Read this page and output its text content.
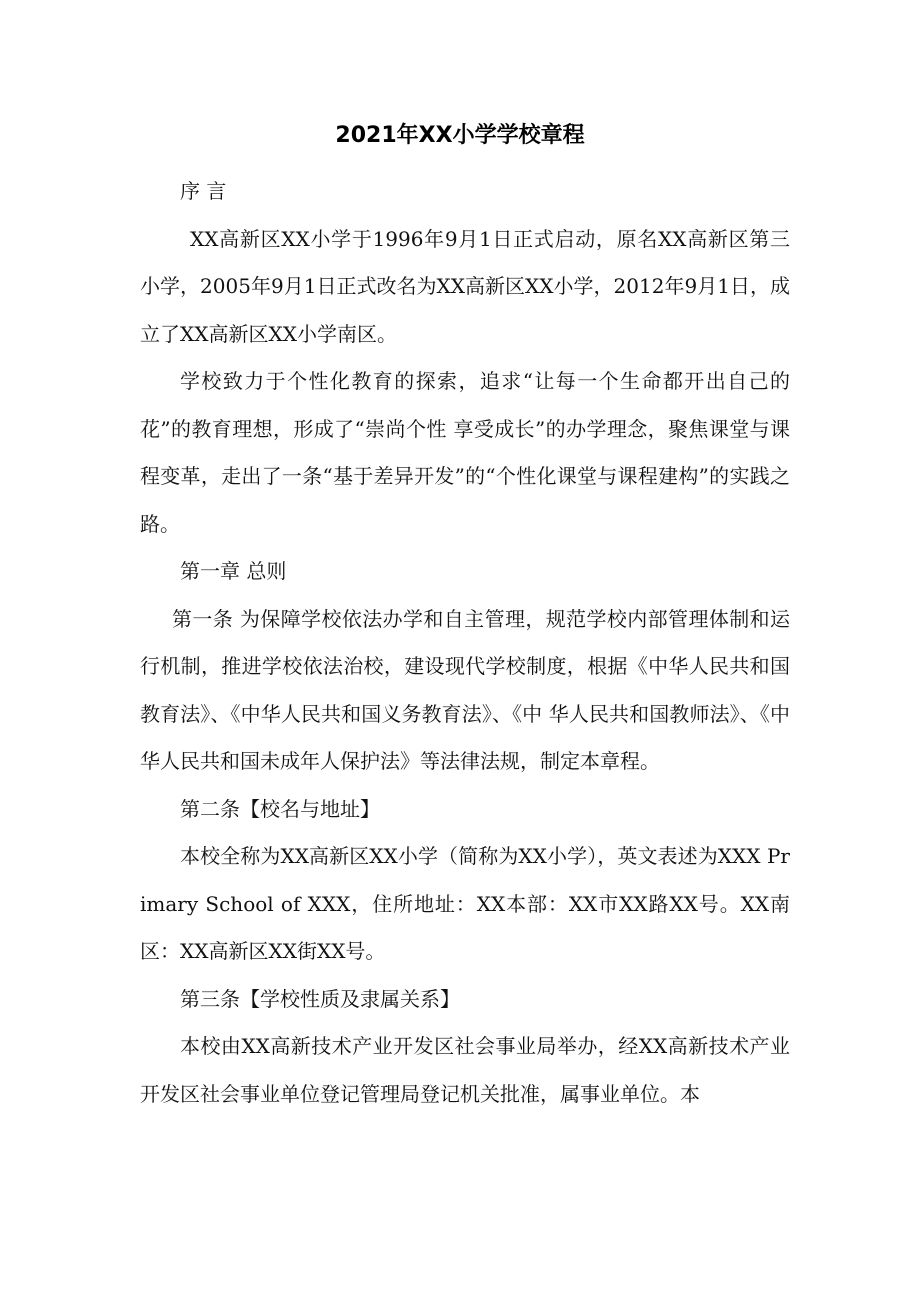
2021年XX小学学校章程

序 言

XX高新区XX小学于1996年9月1日正式启动，原名XX高新区第三小学，2005年9月1日正式改名为XX高新区XX小学，2012年9月1日，成立了XX高新区XX小学南区。

学校致力于个性化教育的探索，追求“让每一个生命都开出自己的花”的教育理想，形成了“崇尚个性 享受成长”的办学理念，聚焦课堂与课程变革，走出了一条“基于差异开发”的“个性化课堂与课程建构”的实践之路。

第一章 总则

第一条 为保障学校依法办学和自主管理，规范学校内部管理体制和运行机制，推进学校依法治校，建设现代学校制度，根据《中华人民共和国教育法》、《中华人民共和国义务教育法》、《中 华人民共和国教师法》、《中华人民共和国未成年人保护法》等法律法规，制定本章程。

第二条【校名与地址】

本校全称为XX高新区XX小学（简称为XX小学），英文表述为XXX Primary School of XXX，住所地址：XX本部：XX市XX路XX号。XX南区：XX高新区XX街XX号。

第三条【学校性质及隶属关系】

本校由XX高新技术产业开发区社会事业局举办，经XX高新技术产业开发区社会事业单位登记管理局登记机关批准，属事业单位。本
